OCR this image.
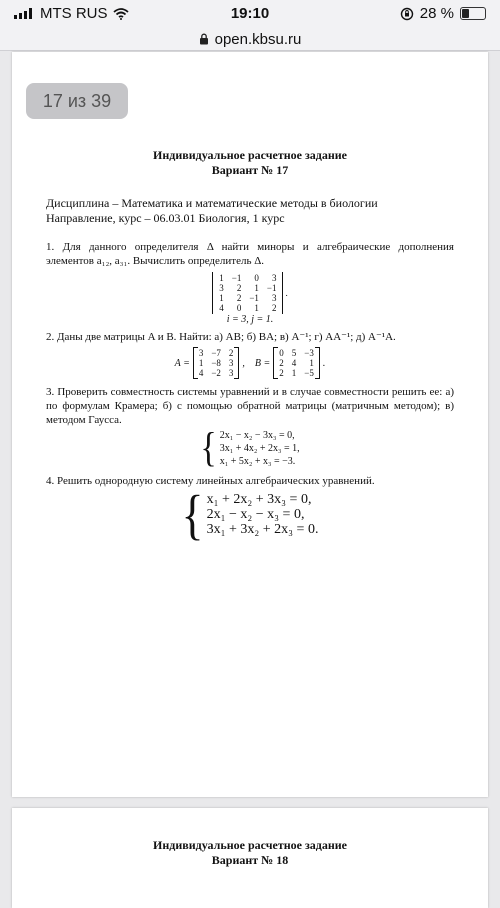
MTS RUS	19:10	28 %
open.kbsu.ru
17 из 39
Индивидуальное расчетное задание
Вариант № 17
Дисциплина – Математика и математические методы в биологии
Направление, курс – 06.03.01 Биология, 1 курс
1. Для данного определителя Δ найти миноры и алгебраические дополнения элементов a₁₂, a₃₁. Вычислить определитель Δ.
1	−1	0	3
3	2	1	−1
1	2	−1	3
4	0	1	2
.
i = 3, j = 1.
2. Даны две матрицы A и B. Найти: а) AB; б) BA; в) A⁻¹; г) AA⁻¹; д) A⁻¹A.
A =
3	−7	2
1	−8	3
4	−2	3
, B =
0	5	−3
2	4	1
2	1	−5
.
3. Проверить совместность системы уравнений и в случае совместности решить ее: а) по формулам Крамера; б) с помощью обратной матрицы (матричным методом); в) методом Гаусса.
{ 2x₁ − x₂ − 3x₃ = 0,
3x₁ + 4x₂ + 2x₃ = 1,
x₁ + 5x₂ + x₃ = −3.
4. Решить однородную систему линейных алгебраических уравнений.
{ x₁ + 2x₂ + 3x₃ = 0,
2x₁ − x₂ − x₃ = 0,
3x₁ + 3x₂ + 2x₃ = 0.
Индивидуальное расчетное задание
Вариант № 18
